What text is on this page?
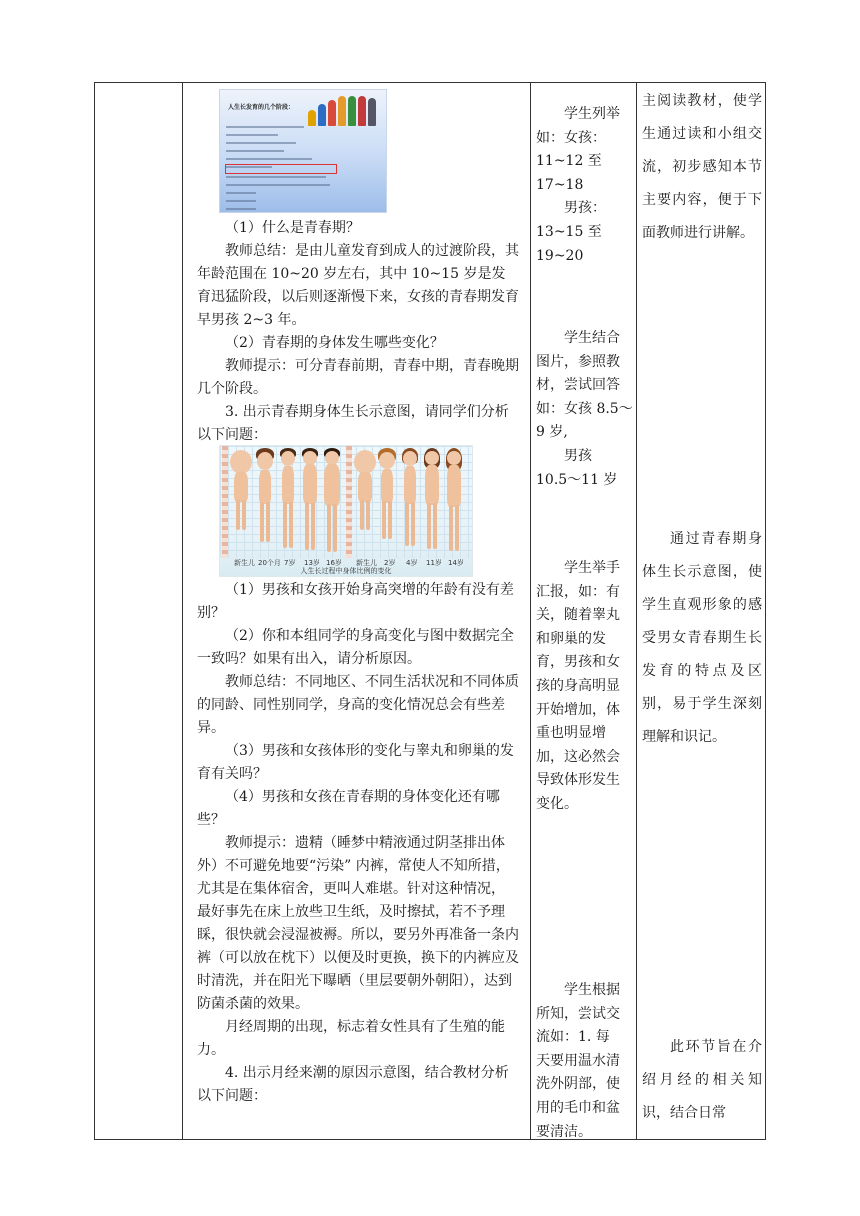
人生长发育的几个阶段：

（1）什么是青春期？

教师总结：是由儿童发育到成人的过渡阶段，其年龄范围在 10~20 岁左右，其中 10~15 岁是发育迅猛阶段，以后则逐渐慢下来，女孩的青春期发育早男孩 2~3 年。

（2）青春期的身体发生哪些变化？

教师提示：可分青春前期，青春中期，青春晚期几个阶段。

3. 出示青春期身体生长示意图，请同学们分析以下问题：

新生儿 20个月 7岁 13岁 16岁 新生儿 2岁 4岁 11岁 14岁
人生长过程中身体比例的变化

（1）男孩和女孩开始身高突增的年龄有没有差别？

（2）你和本组同学的身高变化与图中数据完全一致吗？如果有出入，请分析原因。

教师总结：不同地区、不同生活状况和不同体质的同龄、同性别同学，身高的变化情况总会有些差异。

（3）男孩和女孩体形的变化与睾丸和卵巢的发育有关吗？

（4）男孩和女孩在青春期的身体变化还有哪些？

教师提示：遗精（睡梦中精液通过阴茎排出体外）不可避免地要“污染” 内裤，常使人不知所措，尤其是在集体宿舍，更叫人难堪。针对这种情况， 最好事先在床上放些卫生纸，及时擦拭，若不予理睬，很快就会浸湿被褥。所以，要另外再准备一条内裤（可以放在枕下）以便及时更换，换下的内裤应及时清洗，并在阳光下曝晒（里层要朝外朝阳），达到防菌杀菌的效果。

月经周期的出现，标志着女性具有了生殖的能力。

4. 出示月经来潮的原因示意图，结合教材分析以下问题：

学生列举
如：女孩：
11~12 至
17~18
男孩：
13~15 至
19~20
学生结合
图片，参照教
材，尝试回答
如：女孩 8.5～
9 岁,
男孩
10.5～11 岁
学生举手
汇报，如：有
关，随着睾丸
和卵巢的发
育，男孩和女
孩的身高明显
开始增加，体
重也明显增
加，这必然会
导致体形发生
变化。
学生根据
所知，尝试交
流如：1. 每
天要用温水清
洗外阴部，使
用的毛巾和盆
要清洁。

主阅读教材，使学生通过读和小组交流，初步感知本节主要内容，便于下面教师进行讲解。

通过青春期身体生长示意图，使学生直观形象的感受男女青春期生长发育的特点及区别，易于学生深刻理解和识记。

此环节旨在介绍月经的相关知识，结合日常
